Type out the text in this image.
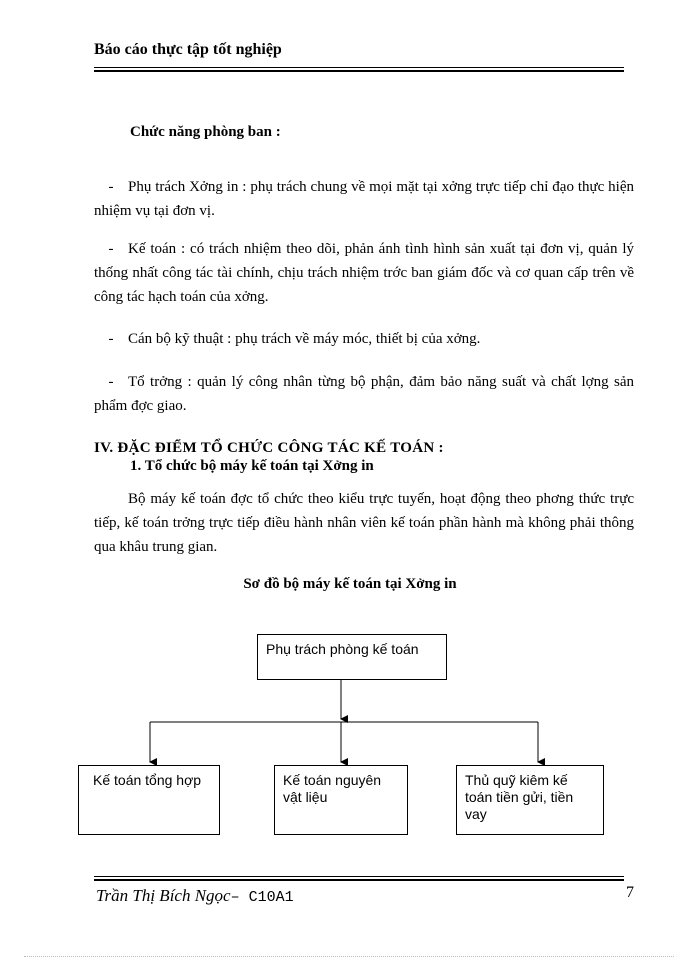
Báo cáo thực tập tốt nghiệp
Chức năng phòng ban :
- Phụ trách Xởng in : phụ trách chung về mọi mặt tại xởng trực tiếp chỉ đạo thực hiện nhiệm vụ tại đơn vị.
- Kế toán : có trách nhiệm theo dõi, phản ánh tình hình sản xuất tại đơn vị, quản lý thống nhất công tác tài chính, chịu trách nhiệm trớc ban giám đốc và cơ quan cấp trên về công tác hạch toán của xởng.
- Cán bộ kỹ thuật : phụ trách về máy móc, thiết bị của xởng.
- Tổ trởng : quản lý công nhân từng bộ phận, đảm bảo năng suất và chất lợng sản phẩm đợc giao.
IV. ĐẶC ĐIỂM TỔ CHỨC CÔNG TÁC KẾ TOÁN :
1. Tổ chức bộ máy kế toán tại Xởng in
Bộ máy kế toán đợc tổ chức theo kiểu trực tuyến, hoạt động theo phơng thức trực tiếp, kế toán trởng trực tiếp điều hành nhân viên kế toán phần hành mà không phải thông qua khâu trung gian.
Sơ đồ bộ máy kế toán tại Xởng in
Phụ trách phòng kế toán
Kế toán tổng hợp	Kế toán nguyên vật liệu
Thủ quỹ kiêm kế toán tiền gửi, tiền vay
Trần Thị Bích Ngọc– C10A1	7
